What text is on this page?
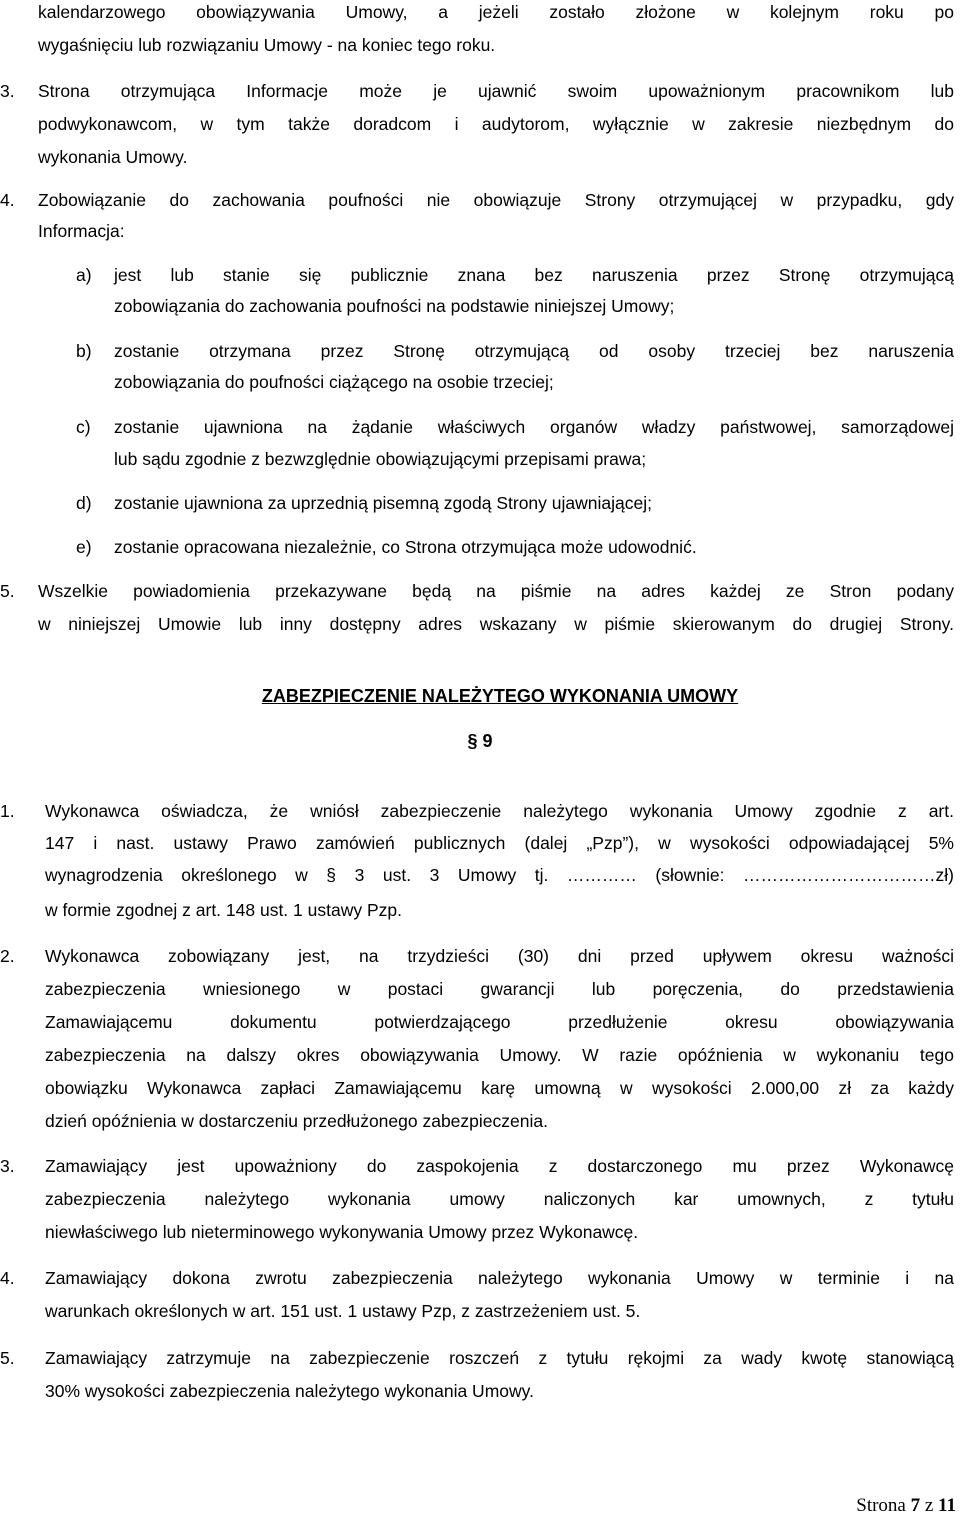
kalendarzowego obowiązywania Umowy, a jeżeli zostało złożone w kolejnym roku po

wygaśnięciu lub rozwiązaniu Umowy - na koniec tego roku.

3. Strona otrzymująca Informacje może je ujawnić swoim upoważnionym pracownikom lub

podwykonawcom, w tym także doradcom i audytorom, wyłącznie w zakresie niezbędnym do

wykonania Umowy.

4. Zobowiązanie do zachowania poufności nie obowiązuje Strony otrzymującej w przypadku, gdy

Informacja:

a) jest lub stanie się publicznie znana bez naruszenia przez Stronę otrzymującą

zobowiązania do zachowania poufności na podstawie niniejszej Umowy;

b) zostanie otrzymana przez Stronę otrzymującą od osoby trzeciej bez naruszenia

zobowiązania do poufności ciążącego na osobie trzeciej;

c) zostanie ujawniona na żądanie właściwych organów władzy państwowej, samorządowej

lub sądu zgodnie z bezwzględnie obowiązującymi przepisami prawa;

d) zostanie ujawniona za uprzednią pisemną zgodą Strony ujawniającej;

e) zostanie opracowana niezależnie, co Strona otrzymująca może udowodnić.

5. Wszelkie powiadomienia przekazywane będą na piśmie na adres każdej ze Stron podany

w niniejszej Umowie lub inny dostępny adres wskazany w piśmie skierowanym do drugiej Strony.

ZABEZPIECZENIE NALEŻYTEGO WYKONANIA UMOWY

§ 9

1. Wykonawca oświadcza, że wniósł zabezpieczenie należytego wykonania Umowy zgodnie z art.

147 i nast. ustawy Prawo zamówień publicznych (dalej „Pzp”), w wysokości odpowiadającej 5%

wynagrodzenia określonego w § 3 ust. 3 Umowy tj. ………… (słownie: ……………………………zł)

w formie zgodnej z art. 148 ust. 1 ustawy Pzp.

2. Wykonawca zobowiązany jest, na trzydzieści (30) dni przed upływem okresu ważności

zabezpieczenia wniesionego w postaci gwarancji lub poręczenia, do przedstawienia

Zamawiającemu dokumentu potwierdzającego przedłużenie okresu obowiązywania

zabezpieczenia na dalszy okres obowiązywania Umowy. W razie opóźnienia w wykonaniu tego

obowiązku Wykonawca zapłaci Zamawiającemu karę umowną w wysokości 2.000,00 zł za każdy

dzień opóźnienia w dostarczeniu przedłużonego zabezpieczenia.

3. Zamawiający jest upoważniony do zaspokojenia z dostarczonego mu przez Wykonawcę

zabezpieczenia należytego wykonania umowy naliczonych kar umownych, z tytułu

niewłaściwego lub nieterminowego wykonywania Umowy przez Wykonawcę.

4. Zamawiający dokona zwrotu zabezpieczenia należytego wykonania Umowy w terminie i na

warunkach określonych w art. 151 ust. 1 ustawy Pzp, z zastrzeżeniem ust. 5.

5. Zamawiający zatrzymuje na zabezpieczenie roszczeń z tytułu rękojmi za wady kwotę stanowiącą

30% wysokości zabezpieczenia należytego wykonania Umowy.

Strona 7 z 11
